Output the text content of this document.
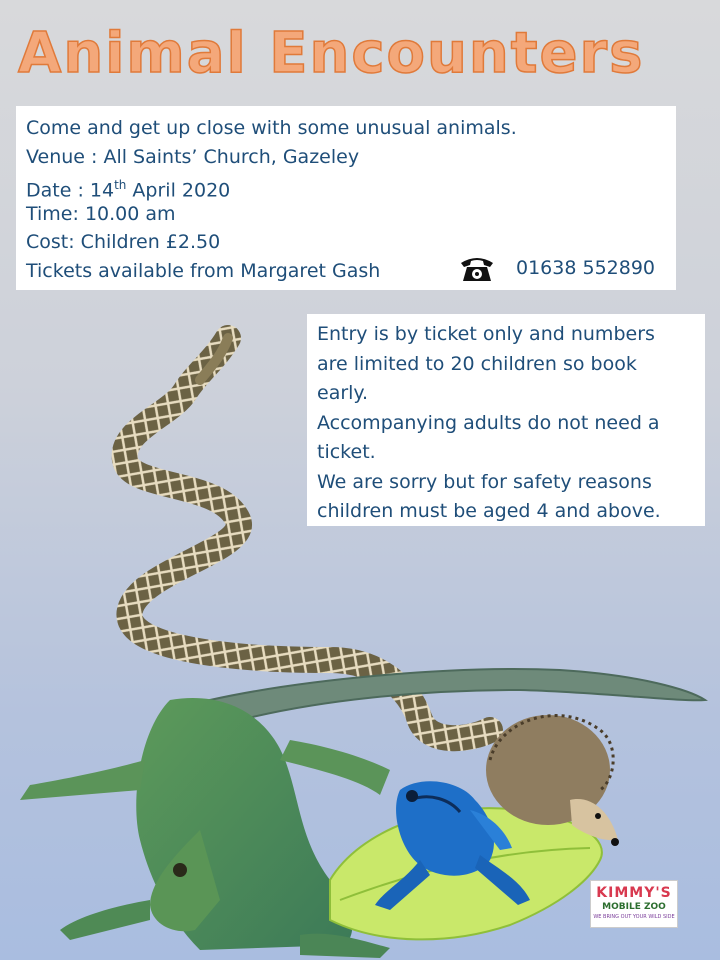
Animal Encounters
Come and get up close with some unusual animals.
Venue : All Saints’ Church, Gazeley
Date : 14th April 2020
Time: 10.00 am
Cost: Children £2.50
Tickets available from Margaret Gash	01638 552890
Entry is by ticket only and numbers
are limited to 20 children so book
early.
Accompanying adults do not need a
ticket.
We are sorry but for safety reasons
children must be aged 4 and above.
KIMMY'S
MOBILE ZOO
WE BRING OUT YOUR WILD SIDE
